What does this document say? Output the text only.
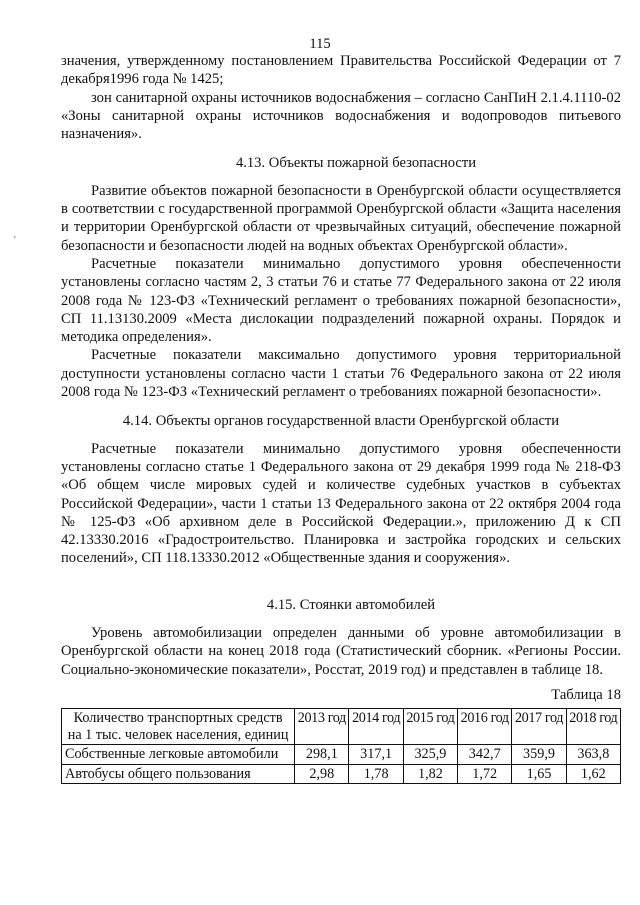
115
'

значения, утвержденному постановлением Правительства Российской Федерации от 7 декабря1996 года № 1425;

зон санитарной охраны источников водоснабжения – согласно СанПиН 2.1.4.1110-02 «Зоны санитарной охраны источников водоснабжения и водопроводов питьевого назначения».

4.13. Объекты пожарной безопасности

Развитие объектов пожарной безопасности в Оренбургской области осуществляется в соответствии с государственной программой Оренбургской области «Защита населения и территории Оренбургской области от чрезвычайных ситуаций, обеспечение пожарной безопасности и безопасности людей на водных объектах Оренбургской области».

Расчетные показатели минимально допустимого уровня обеспеченности установлены согласно частям 2, 3 статьи 76 и статье 77 Федерального закона от 22 июля 2008 года № 123-ФЗ «Технический регламент о требованиях пожарной безопасности», СП 11.13130.2009 «Места дислокации подразделений пожарной охраны. Порядок и методика определения».

Расчетные показатели максимально допустимого уровня территориальной доступности установлены согласно части 1 статьи 76 Федерального закона от 22 июля 2008 года № 123-ФЗ «Технический регламент о требованиях пожарной безопасности».

4.14. Объекты органов государственной власти Оренбургской области

Расчетные показатели минимально допустимого уровня обеспеченности установлены согласно статье 1 Федерального закона от 29 декабря 1999 года № 218-ФЗ «Об общем числе мировых судей и количестве судебных участков в субъектах Российской Федерации», части 1 статьи 13 Федерального закона от 22 октября 2004 года № 125-ФЗ «Об архивном деле в Российской Федерации.», приложению Д к СП 42.13330.2016 «Градостроительство. Планировка и застройка городских и сельских поселений», СП 118.13330.2012 «Общественные здания и сооружения».

4.15. Стоянки автомобилей

Уровень автомобилизации определен данными об уровне автомобилизации в Оренбургской области на конец 2018 года (Статистический сборник. «Регионы России. Социально-экономические показатели», Росстат, 2019 год) и представлен в таблице 18.

Таблица 18

Количество транспортных средств на 1 тыс. человек населения, единиц	2013 год	2014 год	2015 год	2016 год	2017 год	2018 год
Собственные легковые автомобили	298,1	317,1	325,9	342,7	359,9	363,8
Автобусы общего пользования	2,98	1,78	1,82	1,72	1,65	1,62
